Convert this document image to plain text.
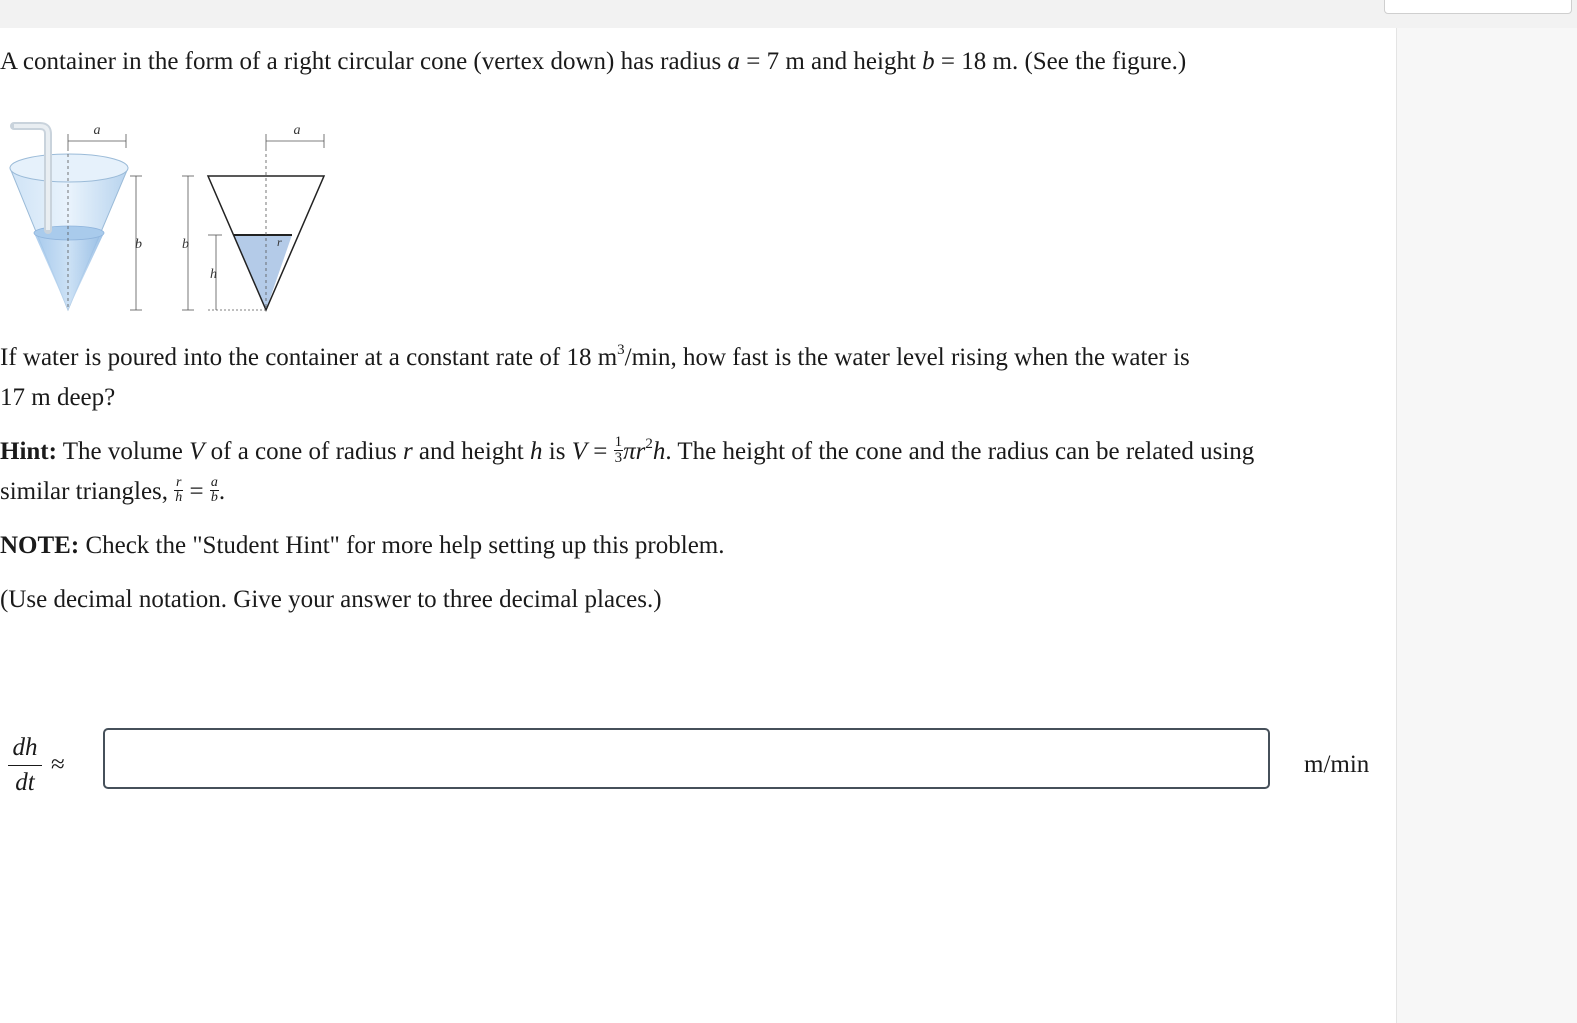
A container in the form of a right circular cone (vertex down) has radius a = 7 m and height b = 18 m. (See the figure.)
a
b	b
a
h
r
If water is poured into the container at a constant rate of 18 $m^3/\min$, how fast is the water level rising when the water is
17 m deep?
Hint: The volume V of a cone of radius r and height h is $V = \frac{1}{3} \pi r^2h$. The height of the cone and the radius can be related using
similar triangles, $\frac{r}{h} = \frac{a}{b}$ .
NOTE: Check the "Student Hint" for more help setting up this problem.
(Use decimal notation. Give your answer to three decimal places.)
$\frac{dh}{dt}$ ≈	m/min
